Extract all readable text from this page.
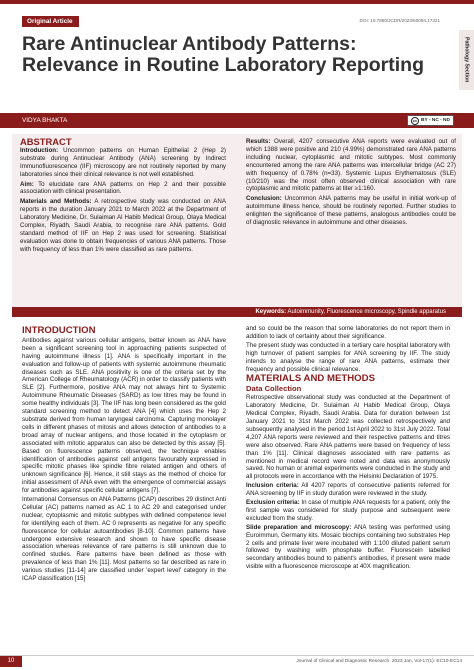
Original Article	DOI: 10.7860/JCDR/2023/60094.17321
Pathology Section
Rare Antinuclear Antibody Patterns: Relevance in Routine Laboratory Reporting
VIDYA BHAKTA	cc BY - NC - ND
ABSTRACT

Introduction: Uncommon patterns on Human Epithelial 2 (Hep 2) substrate during Antinuclear Antibody (ANA) screening by Indirect Immunofluorescence (IIF) microscopy are not routinely reported by many laboratories since their clinical relevance is not well established.

Aim: To elucidate rare ANA patterns on Hep 2 and their possible association with clinical presentation.

Materials and Methods: A retrospective study was conducted on ANA reports in the duration January 2021 to March 2022 at the Department of Laboratory Medicine, Dr. Sulaiman Al Habib Medical Group, Olaya Medical Complex, Riyadh, Saudi Arabia, to recognise rare ANA patterns. Gold standard method of IIF on Hep 2 was used for screening. Statistical evaluation was done to obtain frequencies of various ANA patterns. Those with frequency of less than 1% were classified as rare patterns.

Results: Overall, 4207 consecutive ANA reports were evaluated out of which 1388 were positive and 210 (4.99%) demonstrated rare ANA patterns including nuclear, cytoplasmic and mitotic subtypes. Most commonly encountered among the rare ANA patterns was intercellular bridge (AC 27) with frequency of 0.78% (n=33). Systemic Lupus Erythematosus (SLE) (10/210) was the most often observed clinical association with rare cytoplasmic and mitotic patterns at titer ≥1:160.

Conclusion: Uncommon ANA patterns may be useful in initial work-up of autoimmune illness hence, should be routinely reported. Further studies to enlighten the significance of these patterns, analogous antibodies could be of diagnostic relevance in autoimmune and other diseases.

Keywords: Autoimmunity, Fluorescence microscopy, Spindle apparatus
INTRODUCTION

Antibodies against various cellular antigens, better known as ANA have been a significant screening tool in approaching patients suspected of having autoimmune illness [1]. ANA is specifically important in the evaluation and follow-up of patients with systemic autoimmune rheumatic diseases such as SLE. ANA positivity is one of the criteria set by the American College of Rheumatology (ACR) in order to classify patients with SLE [2]. Furthermore, positive ANA may not always hint to Systemic Autoimmune Rheumatic Diseases (SARD) as low titres may be found in some healthy individuals [3]. The IIF has long been considered as the gold standard screening method to detect ANA [4] which uses the Hep 2 substrate derived from human laryngeal carcinoma. Capturing monolayer cells in different phases of mitosis and allows detection of antibodies to a broad array of nuclear antigens, and those located in the cytoplasm or associated with mitotic apparatus can also be detected by this assay [5]. Based on fluorescence patterns observed, the technique enables identification of antibodies against cell antigens favourably expressed in specific mitotic phases like spindle fibre related antigen and others of unknown significance [6]. Hence, it still stays as the method of choice for initial assessment of ANA even with the emergence of commercial assays for antibodies against specific cellular antigens [7].

International Consensus on ANA Patterns (ICAP) describes 29 distinct Anti Cellular (AC) patterns named as AC 1 to AC 29 and categorised under nuclear, cytoplasmic and mitotic subtypes with defined competence level for identifying each of them. AC 0 represents as negative for any specific fluorescence for cellular autoantibodies [8-10]. Common patterns have undergone extensive research and shown to have specific disease association whereas relevance of rare patterns is still unknown due to confined studies. Rare patterns have been defined as those with prevalence of less than 1% [11]. Most patterns so far described as rare in various studies [11-14] are classified under 'expert level' category in the ICAP classification [15]

and so could be the reason that some laboratories do not report them in addition to lack of certainty about their significance.

The present study was conducted in a tertiary care hospital laboratory with high turnover of patient samples for ANA screening by IIF. The study intends to analyse the range of rare ANA patterns, estimate their frequency and possible clinical relevance.

MATERIALS AND METHODS
Data Collection

Retrospective observational study was conducted at the Department of Laboratory Medicine, Dr. Sulaiman Al Habib Medical Group, Olaya Medical Complex, Riyadh, Saudi Arabia. Data for duration between 1st January 2021 to 31st March 2022 was collected retrospectively and subsequently analysed in the period 1st April 2022 to 31st July 2022. Total 4,207 ANA reports were reviewed and their respective patterns and titres were also observed. Rare ANA patterns were based on frequency of less than 1% [11]. Clinical diagnoses associated with rare patterns as mentioned in medical record were noted and data was anonymously saved. No human or animal experiments were conducted in the study and all protocols were in accordance with the Helsinki Declaration of 1975.

Inclusion criteria: All 4207 reports of consecutive patients referred for ANA screening by IIF in study duration were reviewed in the study.

Exclusion criteria: In case of multiple ANA requests for a patient, only the first sample was considered for study purpose and subsequent were excluded from the study.

Slide preparation and microscopy: ANA testing was performed using Euroimmun, Germany kits. Mosaic biochips containing two substrates Hep 2 cells and primate liver were incubated with 1:100 diluted patient serum followed by washing with phosphate buffer. Fluorescein labelled secondary antibodies bound to patient's antibodies, if present were made visible with a fluorescence microscope at 40X magnification.

10	Journal of Clinical and Diagnostic Research. 2023 Jan, Vol-17(1): EC10-EC14
